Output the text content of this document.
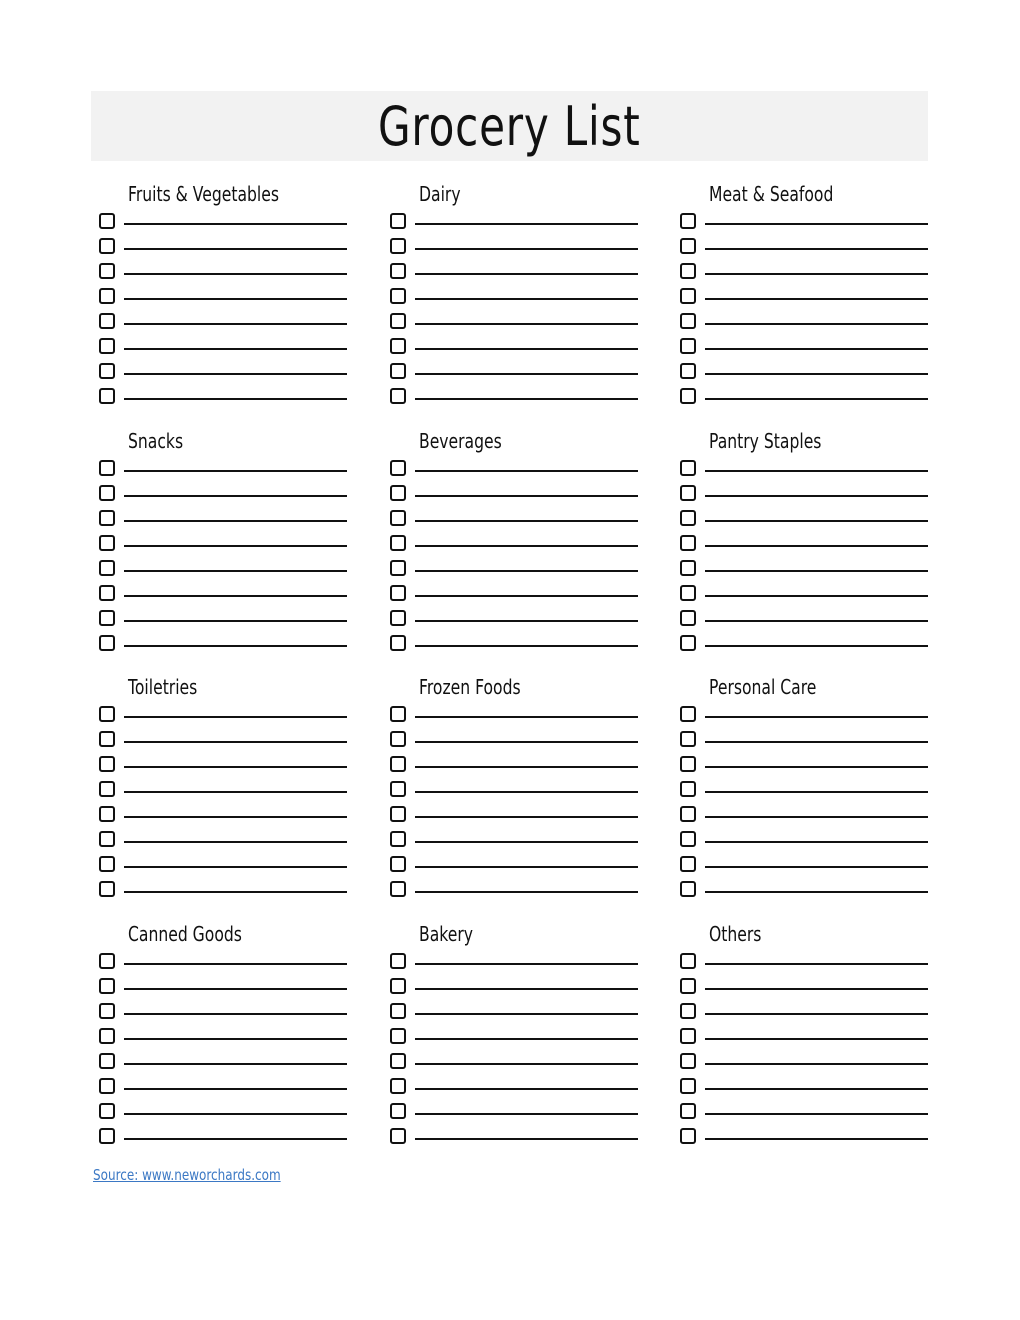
Grocery List
Fruits & Vegetables	Dairy	Meat & Seafood
Snacks	Beverages	Pantry Staples
Toiletries	Frozen Foods	Personal Care
Canned Goods	Bakery	Others
Source: www.neworchards.com
